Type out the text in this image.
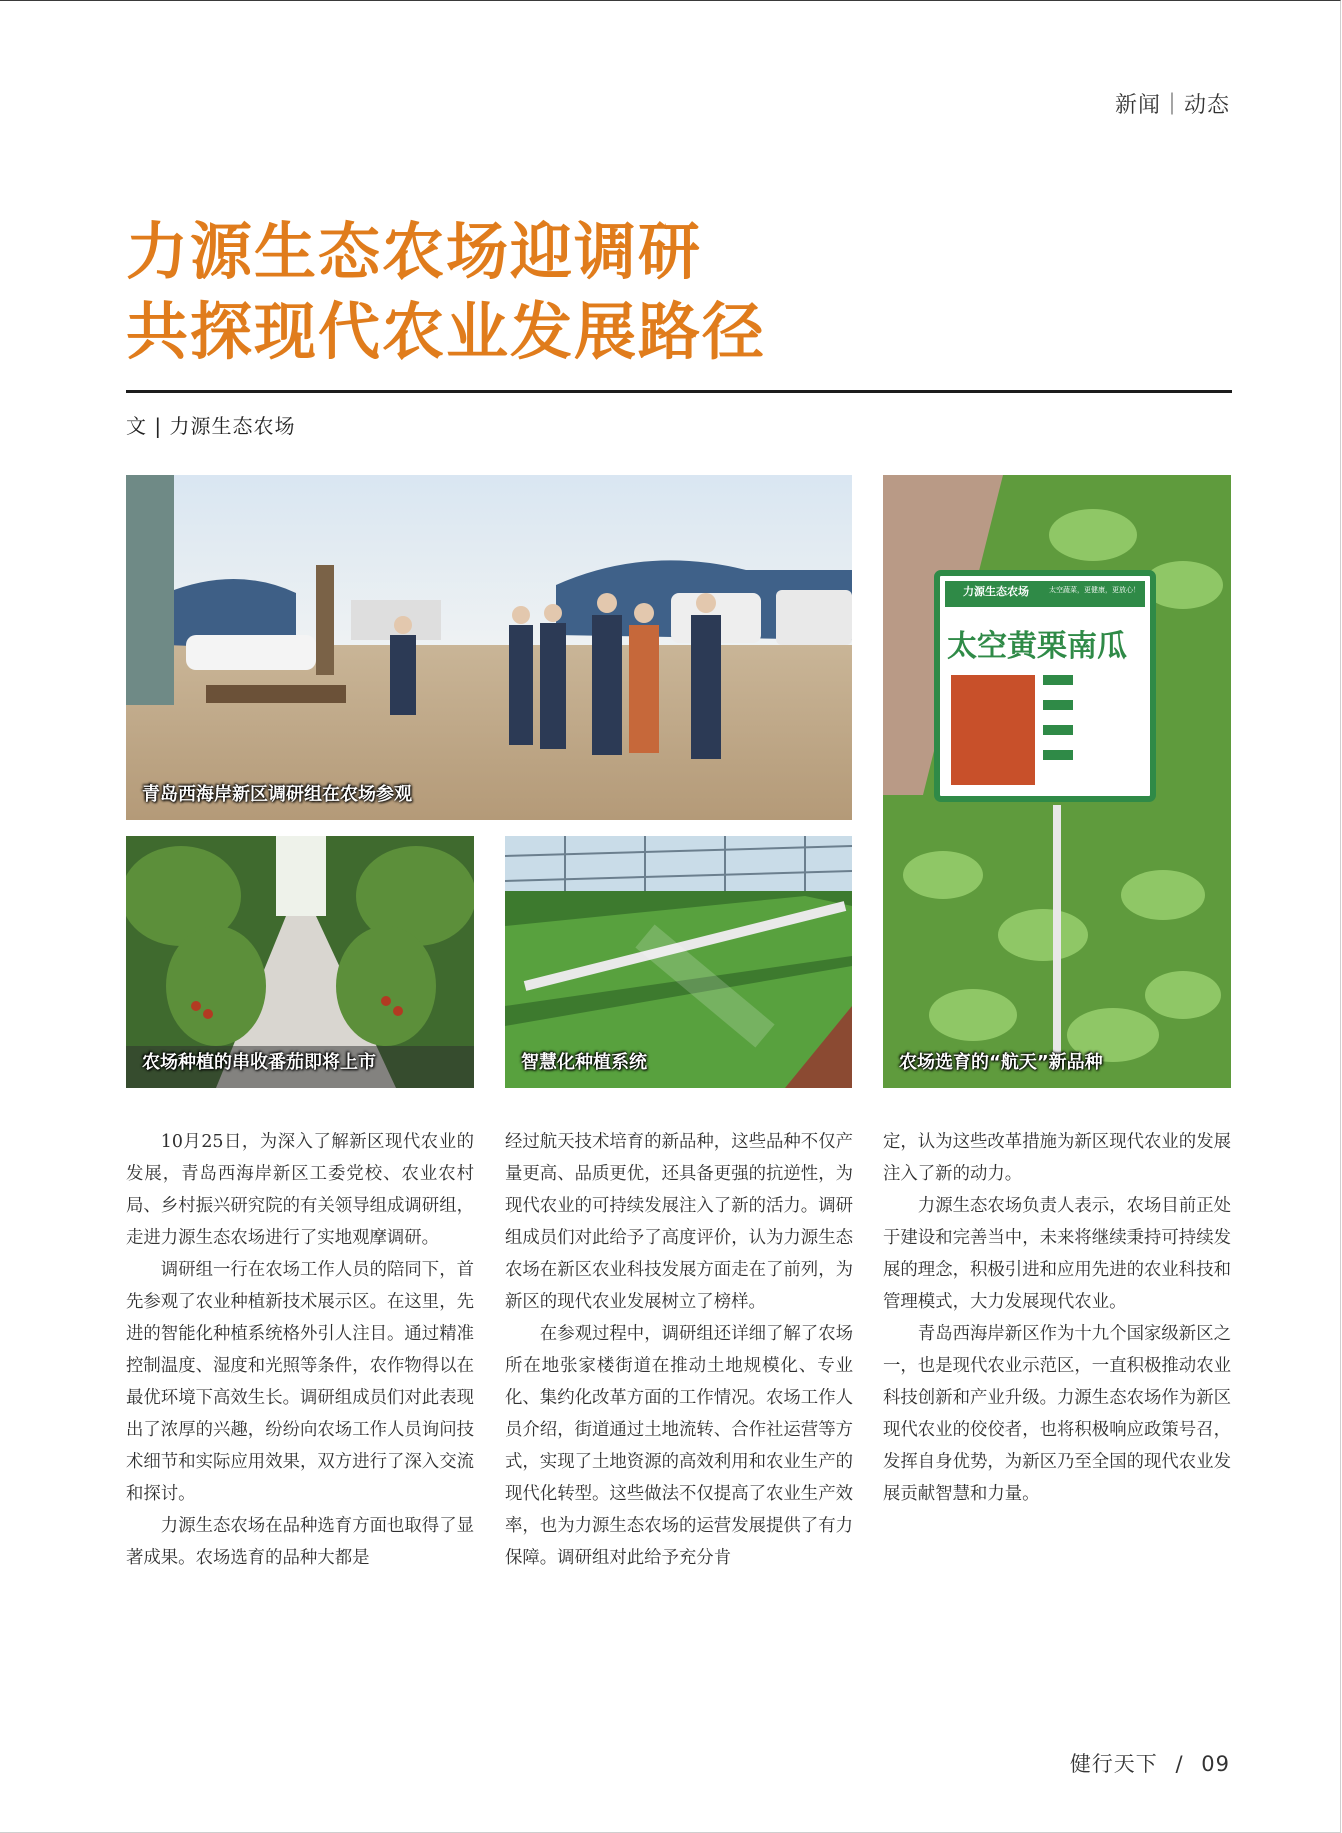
新闻｜动态
力源生态农场迎调研
共探现代农业发展路径
文 | 力源生态农场
青岛西海岸新区调研组在农场参观
农场种植的串收番茄即将上市	智慧化种植系统
力源生态农场	太空蔬菜，更健康，更放心！
太空黄栗南瓜
农场选育的“航天”新品种

10月25日，为深入了解新区现代农业的发展，青岛西海岸新区工委党校、农业农村局、乡村振兴研究院的有关领导组成调研组，走进力源生态农场进行了实地观摩调研。

调研组一行在农场工作人员的陪同下，首先参观了农业种植新技术展示区。在这里，先进的智能化种植系统格外引人注目。通过精准控制温度、湿度和光照等条件，农作物得以在最优环境下高效生长。调研组成员们对此表现出了浓厚的兴趣，纷纷向农场工作人员询问技术细节和实际应用效果，双方进行了深入交流和探讨。

力源生态农场在品种选育方面也取得了显著成果。农场选育的品种大都是

经过航天技术培育的新品种，这些品种不仅产量更高、品质更优，还具备更强的抗逆性，为现代农业的可持续发展注入了新的活力。调研组成员们对此给予了高度评价，认为力源生态农场在新区农业科技发展方面走在了前列，为新区的现代农业发展树立了榜样。

在参观过程中，调研组还详细了解了农场所在地张家楼街道在推动土地规模化、专业化、集约化改革方面的工作情况。农场工作人员介绍，街道通过土地流转、合作社运营等方式，实现了土地资源的高效利用和农业生产的现代化转型。这些做法不仅提高了农业生产效率，也为力源生态农场的运营发展提供了有力保障。调研组对此给予充分肯

定，认为这些改革措施为新区现代农业的发展注入了新的动力。

力源生态农场负责人表示，农场目前正处于建设和完善当中，未来将继续秉持可持续发展的理念，积极引进和应用先进的农业科技和管理模式，大力发展现代农业。

青岛西海岸新区作为十九个国家级新区之一，也是现代农业示范区，一直积极推动农业科技创新和产业升级。力源生态农场作为新区现代农业的佼佼者，也将积极响应政策号召，发挥自身优势，为新区乃至全国的现代农业发展贡献智慧和力量。

健行天下 / 09
